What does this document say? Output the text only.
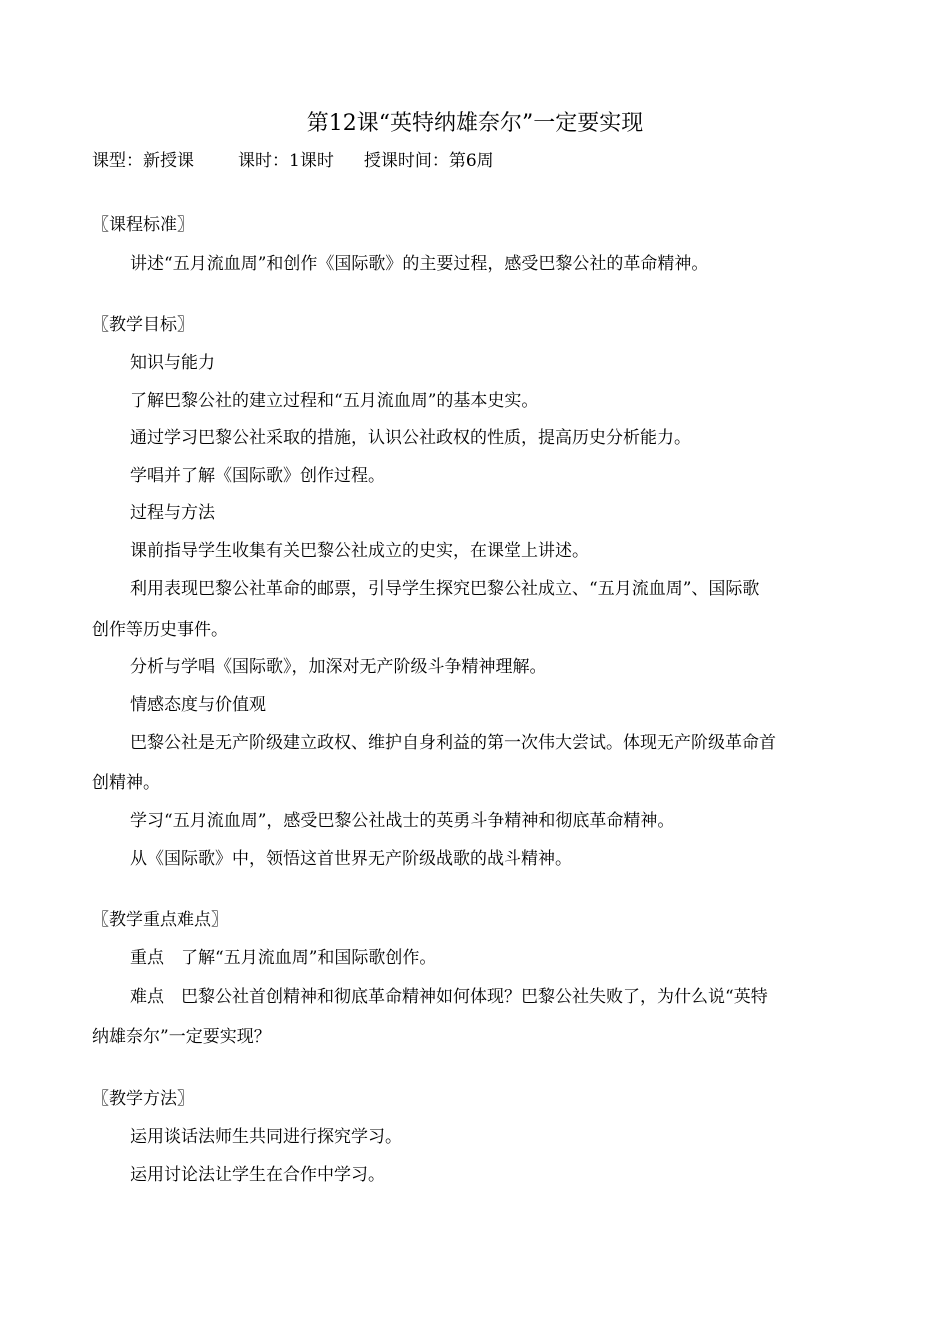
第12课“英特纳雄奈尔”一定要实现
课型：新授课	课时：1课时 授课时间：第6周
〖课程标准〗
讲述“五月流血周”和创作《国际歌》的主要过程，感受巴黎公社的革命精神。
〖教学目标〗
知识与能力
了解巴黎公社的建立过程和“五月流血周”的基本史实。
通过学习巴黎公社采取的措施，认识公社政权的性质，提高历史分析能力。
学唱并了解《国际歌》创作过程。
过程与方法
课前指导学生收集有关巴黎公社成立的史实，在课堂上讲述。
利用表现巴黎公社革命的邮票，引导学生探究巴黎公社成立、“五月流血周”、国际歌
创作等历史事件。
分析与学唱《国际歌》，加深对无产阶级斗争精神理解。
情感态度与价值观
巴黎公社是无产阶级建立政权、维护自身利益的第一次伟大尝试。体现无产阶级革命首
创精神。
学习“五月流血周”，感受巴黎公社战士的英勇斗争精神和彻底革命精神。
从《国际歌》中，领悟这首世界无产阶级战歌的战斗精神。
〖教学重点难点〗
重点　了解“五月流血周”和国际歌创作。
难点　巴黎公社首创精神和彻底革命精神如何体现？巴黎公社失败了，为什么说“英特
纳雄奈尔”一定要实现？
〖教学方法〗
运用谈话法师生共同进行探究学习。
运用讨论法让学生在合作中学习。
